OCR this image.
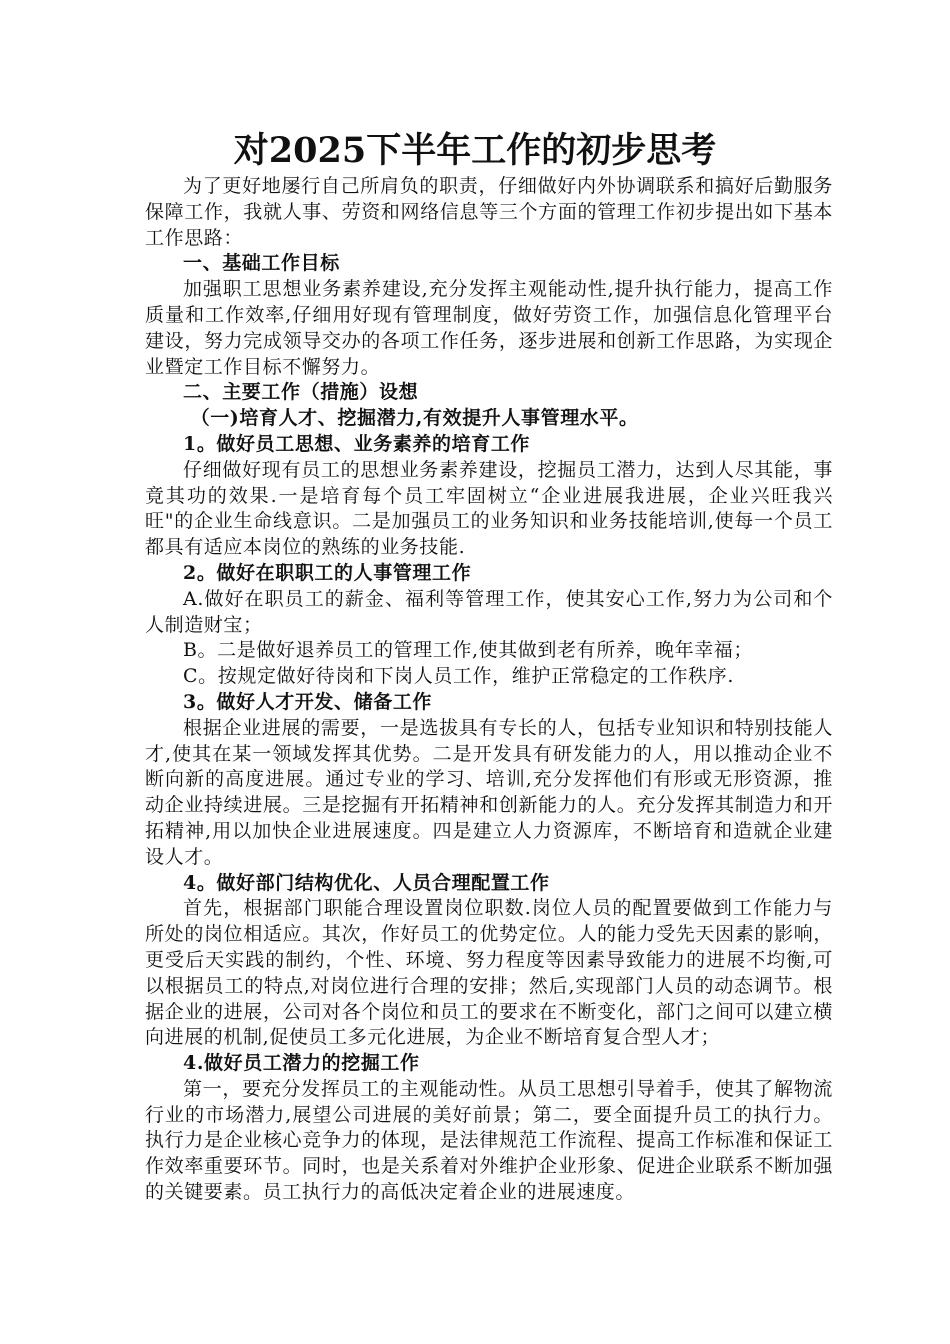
对2025下半年工作的初步思考

为了更好地屡行自己所肩负的职责，仔细做好内外协调联系和搞好后勤服务保障工作，我就人事、劳资和网络信息等三个方面的管理工作初步提出如下基本工作思路：

一、基础工作目标

加强职工思想业务素养建设,充分发挥主观能动性,提升执行能力，提高工作质量和工作效率,仔细用好现有管理制度，做好劳资工作，加强信息化管理平台建设，努力完成领导交办的各项工作任务，逐步进展和创新工作思路，为实现企业暨定工作目标不懈努力。

二、主要工作（措施）设想

（一)培育人才、挖掘潜力,有效提升人事管理水平。

1。做好员工思想、业务素养的培育工作

仔细做好现有员工的思想业务素养建设，挖掘员工潜力，达到人尽其能，事竟其功的效果.一是培育每个员工牢固树立“企业进展我进展，企业兴旺我兴旺"的企业生命线意识。二是加强员工的业务知识和业务技能培训,使每一个员工都具有适应本岗位的熟练的业务技能.

2。做好在职职工的人事管理工作

A.做好在职员工的薪金、福利等管理工作，使其安心工作,努力为公司和个人制造财宝；

B。二是做好退养员工的管理工作,使其做到老有所养，晚年幸福；

C。按规定做好待岗和下岗人员工作，维护正常稳定的工作秩序.

3。做好人才开发、储备工作

根据企业进展的需要，一是选拔具有专长的人，包括专业知识和特别技能人才,使其在某一领域发挥其优势。二是开发具有研发能力的人，用以推动企业不断向新的高度进展。通过专业的学习、培训,充分发挥他们有形或无形资源，推动企业持续进展。三是挖掘有开拓精神和创新能力的人。充分发挥其制造力和开拓精神,用以加快企业进展速度。四是建立人力资源库，不断培育和造就企业建设人才。

4。做好部门结构优化、人员合理配置工作

首先，根据部门职能合理设置岗位职数.岗位人员的配置要做到工作能力与所处的岗位相适应。其次，作好员工的优势定位。人的能力受先天因素的影响，更受后天实践的制约，个性、环境、努力程度等因素导致能力的进展不均衡,可以根据员工的特点,对岗位进行合理的安排；然后,实现部门人员的动态调节。根据企业的进展，公司对各个岗位和员工的要求在不断变化，部门之间可以建立横向进展的机制,促使员工多元化进展，为企业不断培育复合型人才；

4.做好员工潜力的挖掘工作

第一，要充分发挥员工的主观能动性。从员工思想引导着手，使其了解物流行业的市场潜力,展望公司进展的美好前景；第二，要全面提升员工的执行力。执行力是企业核心竞争力的体现，是法律规范工作流程、提高工作标准和保证工作效率重要环节。同时，也是关系着对外维护企业形象、促进企业联系不断加强的关键要素。员工执行力的高低决定着企业的进展速度。
